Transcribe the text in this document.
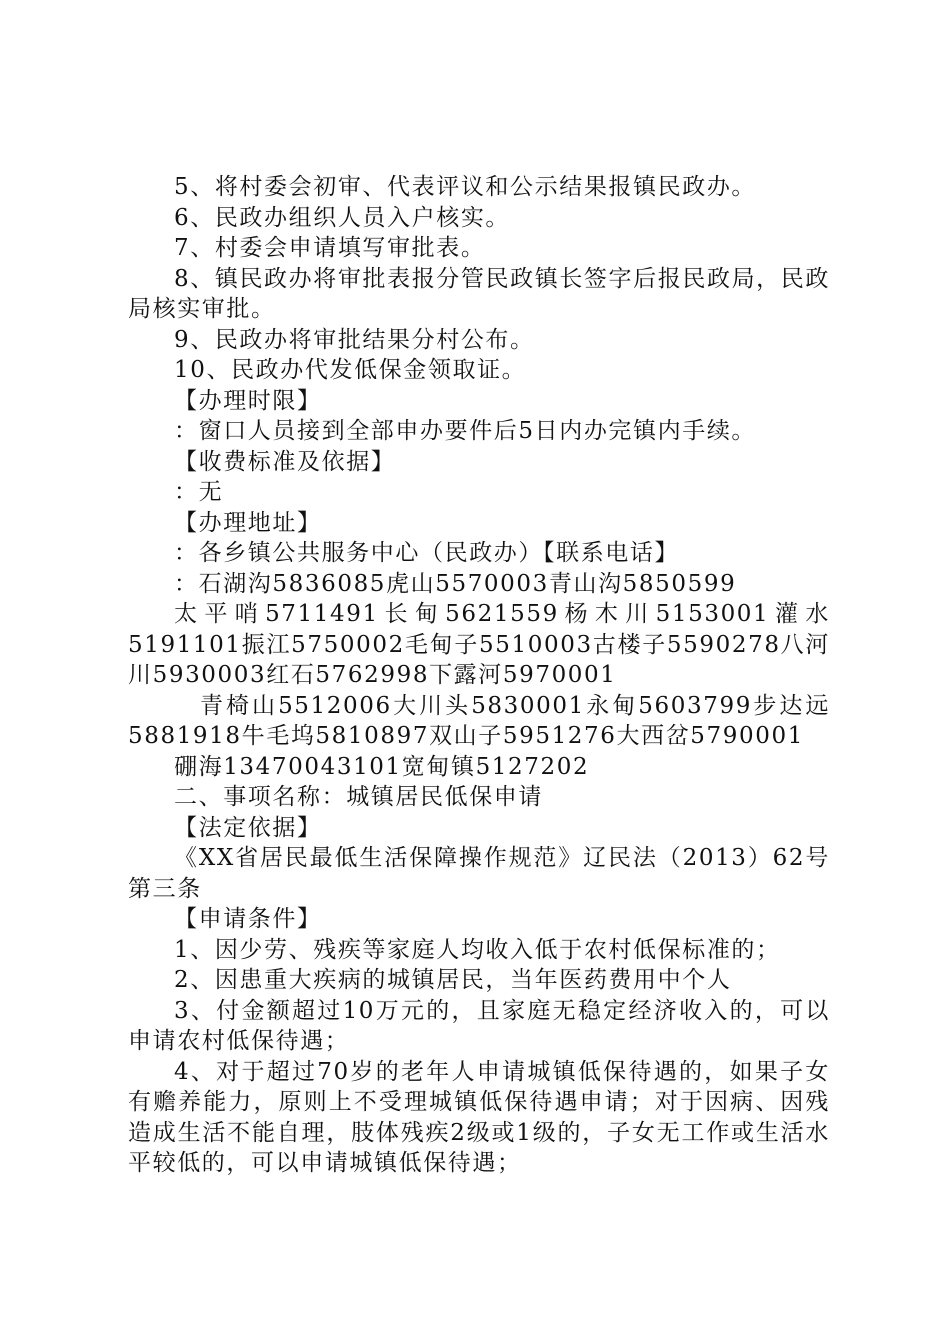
5、将村委会初审、代表评议和公示结果报镇民政办。

6、民政办组织人员入户核实。

7、村委会申请填写审批表。

8、镇民政办将审批表报分管民政镇长签字后报民政局，民政局核实审批。

9、民政办将审批结果分村公布。

10、民政办代发低保金领取证。

【办理时限】

：窗口人员接到全部申办要件后5日内办完镇内手续。

【收费标准及依据】

：无

【办理地址】

：各乡镇公共服务中心（民政办）【联系电话】

：石湖沟5836085虎山5570003青山沟5850599

太平哨5711491长甸5621559杨木川5153001灌水5191101振江5750002毛甸子5510003古楼子5590278八河川5930003红石5762998下露河5970001

青椅山5512006大川头5830001永甸5603799步达远5881918牛毛坞5810897双山子5951276大西岔5790001

硼海13470043101宽甸镇5127202

二、事项名称：城镇居民低保申请

【法定依据】

《XX省居民最低生活保障操作规范》辽民法（2013）62号第三条

【申请条件】

1、因少劳、残疾等家庭人均收入低于农村低保标准的；

2、因患重大疾病的城镇居民，当年医药费用中个人

3、付金额超过10万元的，且家庭无稳定经济收入的，可以申请农村低保待遇；

4、对于超过70岁的老年人申请城镇低保待遇的，如果子女有赡养能力，原则上不受理城镇低保待遇申请；对于因病、因残造成生活不能自理，肢体残疾2级或1级的，子女无工作或生活水平较低的，可以申请城镇低保待遇；
